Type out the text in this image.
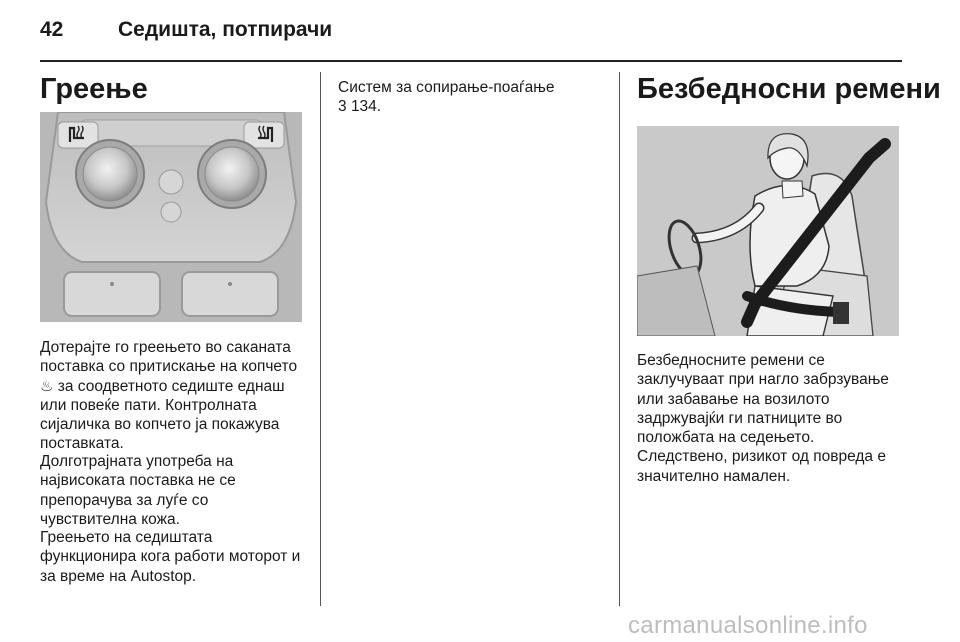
42	Седишта, потпирачи
Греење

Дотерајте го греењето во саканата поставка со притискање на копчето
♨ за соодветното седиште еднаш или повеќе пати. Контролната сијаличка во копчето ја покажува поставката.

Долготрајната употреба на највисоката поставка не се препорачува за луѓе со чувствителна кожа.

Греењето на седиштата функционира кога работи моторот и за време на Autostop.

Систем за сопирање-поаѓање
3 134.

Безбедносни ремени

Безбедносните ремени се заклучуваат при нагло забрзување или забавање на возилото задржувајќи ги патниците во положбата на седењето. Следствено, ризикот од повреда е значително намален.

carmanualsonline.info
